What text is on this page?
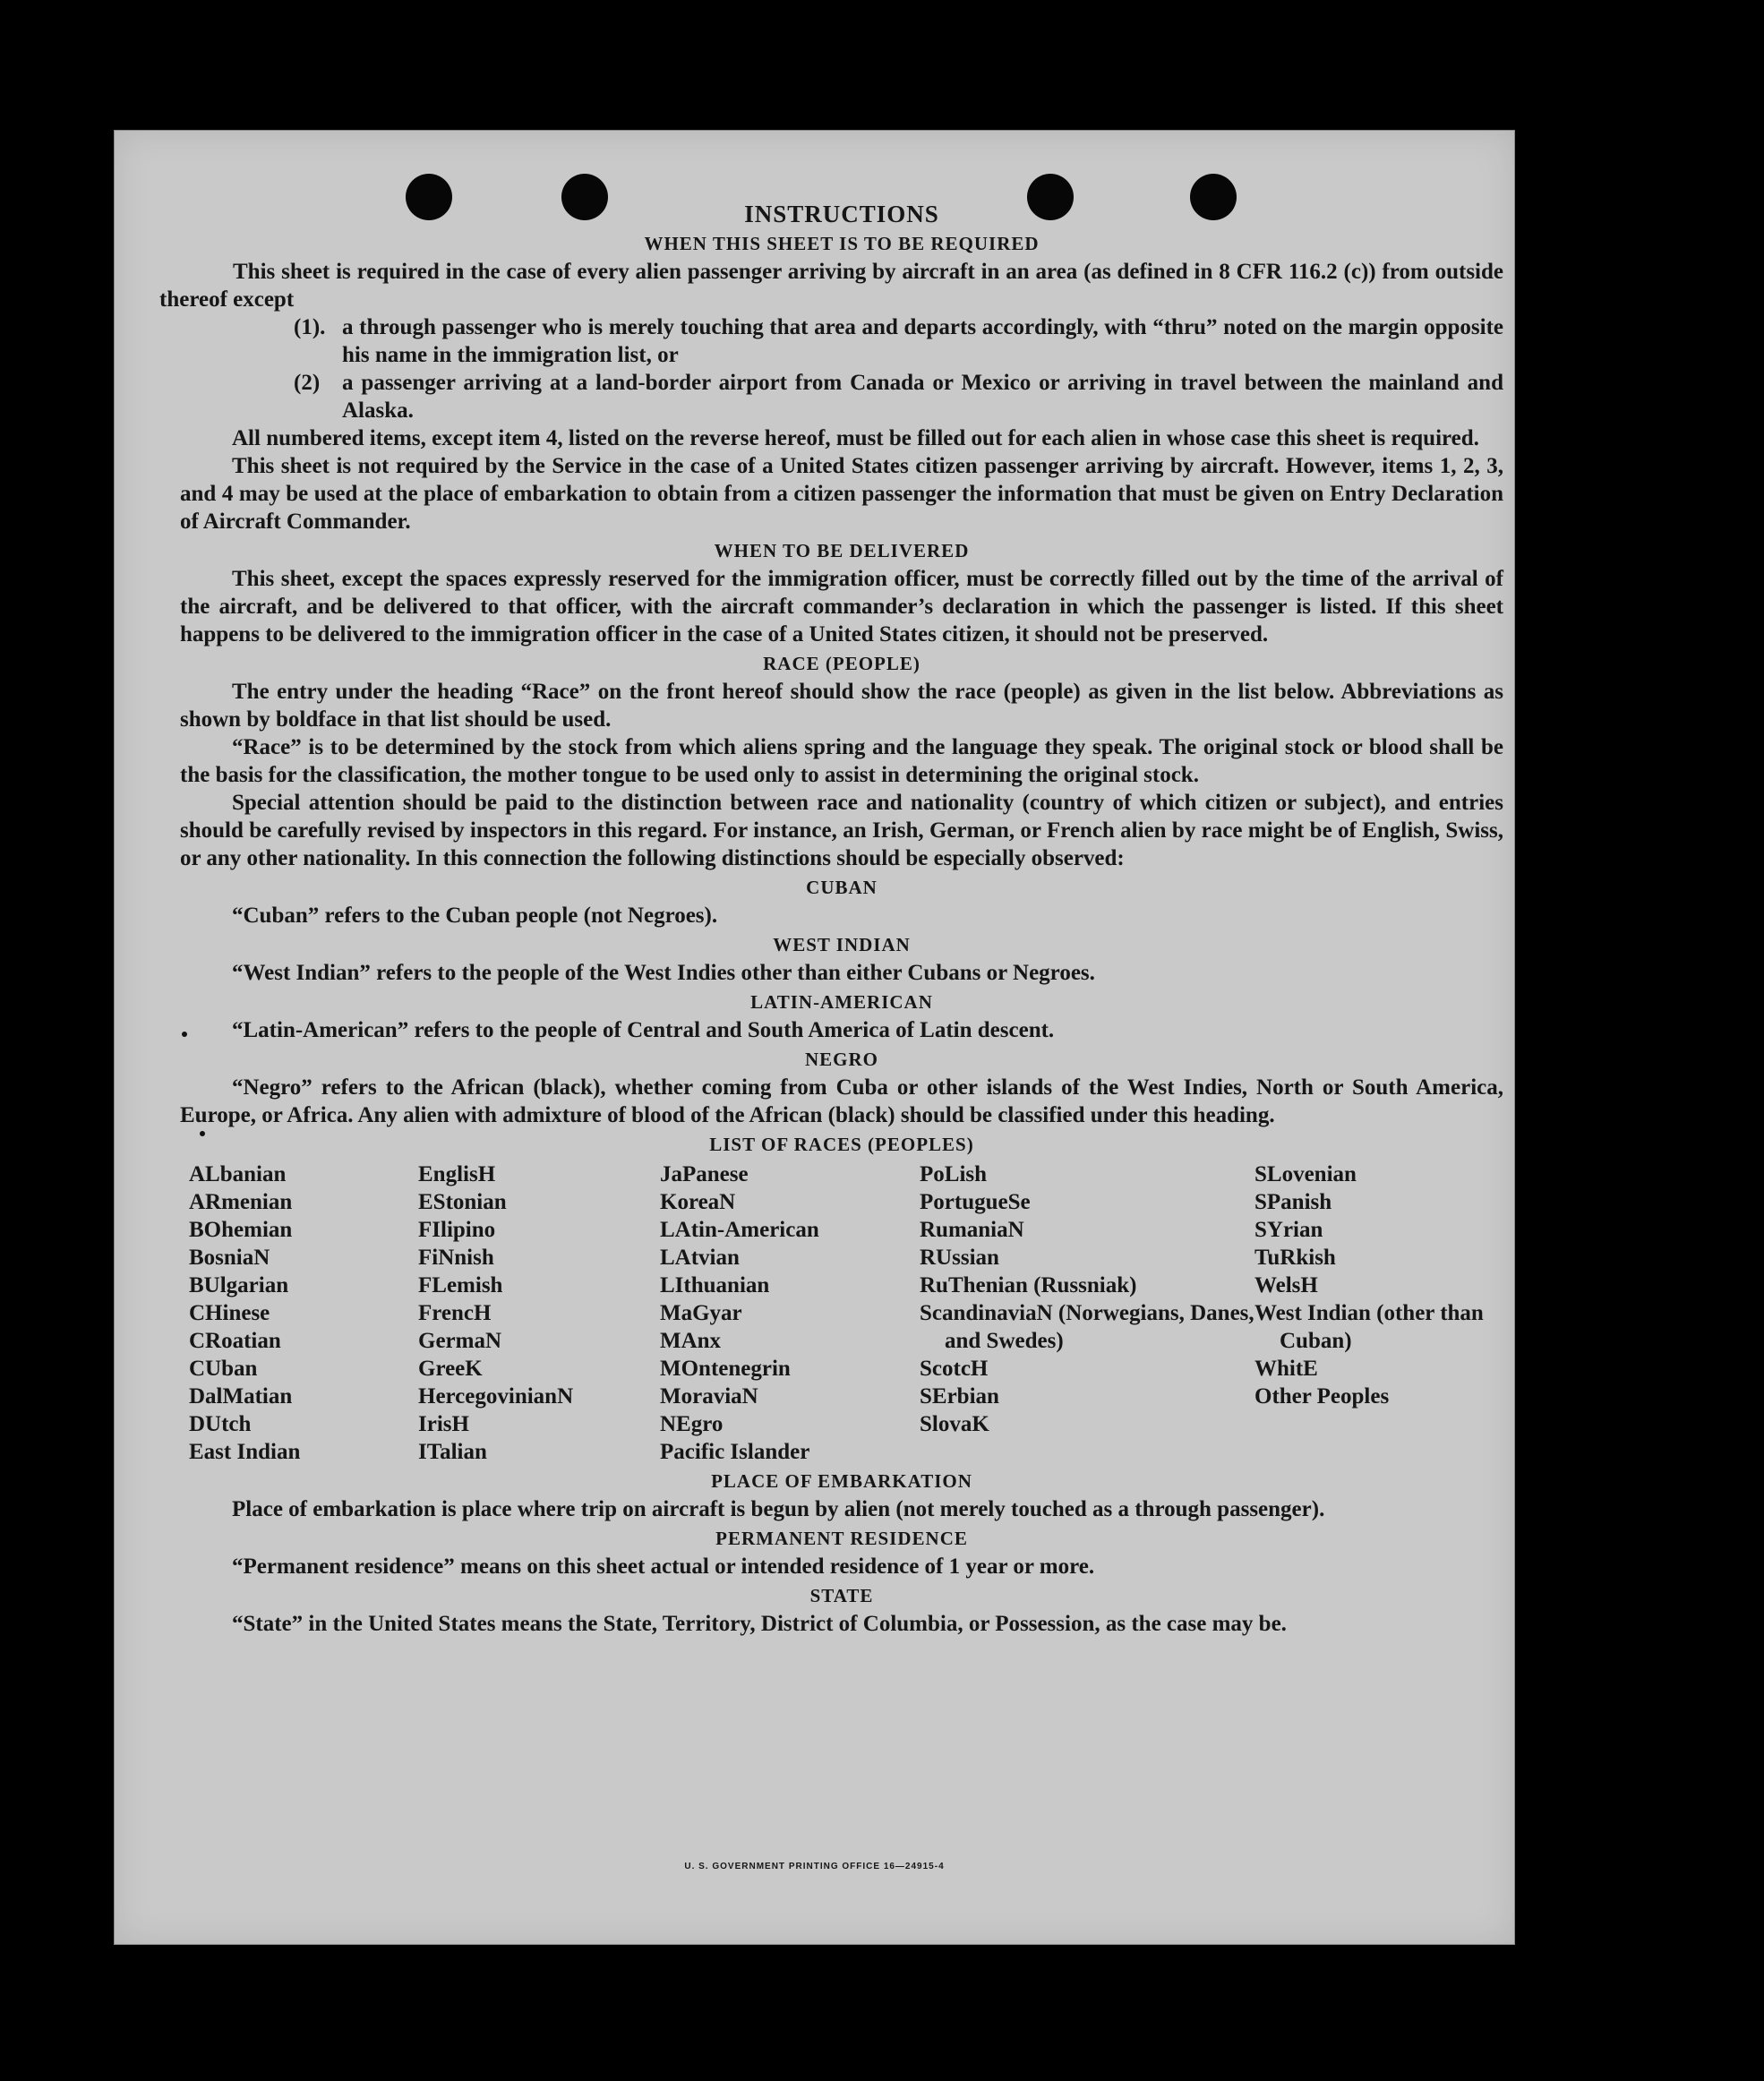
INSTRUCTIONS
WHEN THIS SHEET IS TO BE REQUIRED

This sheet is required in the case of every alien passenger arriving by aircraft in an area (as defined in 8 CFR 116.2 (c)) from outside thereof except

(1). a through passenger who is merely touching that area and departs accordingly, with “thru” noted on the margin opposite his name in the immigration list, or
(2) a passenger arriving at a land-border airport from Canada or Mexico or arriving in travel between the mainland and Alaska.

All numbered items, except item 4, listed on the reverse hereof, must be filled out for each alien in whose case this sheet is required.

This sheet is not required by the Service in the case of a United States citizen passenger arriving by aircraft. However, items 1, 2, 3, and 4 may be used at the place of embarkation to obtain from a citizen passenger the information that must be given on Entry Declaration of Aircraft Commander.

WHEN TO BE DELIVERED

This sheet, except the spaces expressly reserved for the immigration officer, must be correctly filled out by the time of the arrival of the aircraft, and be delivered to that officer, with the aircraft commander’s declaration in which the passenger is listed. If this sheet happens to be delivered to the immigration officer in the case of a United States citizen, it should not be preserved.

RACE (PEOPLE)

The entry under the heading “Race” on the front hereof should show the race (people) as given in the list below. Abbreviations as shown by boldface in that list should be used.

“Race” is to be determined by the stock from which aliens spring and the language they speak. The original stock or blood shall be the basis for the classification, the mother tongue to be used only to assist in determining the original stock.

Special attention should be paid to the distinction between race and nationality (country of which citizen or subject), and entries should be carefully revised by inspectors in this regard. For instance, an Irish, German, or French alien by race might be of English, Swiss, or any other nationality. In this connection the following distinctions should be especially observed:

CUBAN

“Cuban” refers to the Cuban people (not Negroes).

WEST INDIAN

“West Indian” refers to the people of the West Indies other than either Cubans or Negroes.

LATIN-AMERICAN

“Latin-American” refers to the people of Central and South America of Latin descent.

NEGRO

“Negro” refers to the African (black), whether coming from Cuba or other islands of the West Indies, North or South America, Europe, or Africa. Any alien with admixture of blood of the African (black) should be classified under this heading.

LIST OF RACES (PEOPLES)
ALbanian
ARmenian
BOhemian
BosniaN
BUlgarian
CHinese
CRoatian
CUban
DalMatian
DUtch
East Indian
EnglisH
EStonian
FIlipino
FiNnish
FLemish
FrencH
GermaN
GreeK
HercegovinianN
IrisH
ITalian
JaPanese
KoreaN
LAtin-American
LAtvian
LIthuanian
MaGyar
MAnx
MOntenegrin
MoraviaN
NEgro
Pacific Islander
PoLish
PortugueSe
RumaniaN
RUssian
RuThenian (Russniak)
ScandinaviaN (Norwegians, Danes, and Swedes)
ScotcH
SErbian
SlovaK
SLovenian
SPanish
SYrian
TuRkish
WelsH
West Indian (other than Cuban)
WhitE
Other Peoples
PLACE OF EMBARKATION

Place of embarkation is place where trip on aircraft is begun by alien (not merely touched as a through passenger).

PERMANENT RESIDENCE

“Permanent residence” means on this sheet actual or intended residence of 1 year or more.

STATE

“State” in the United States means the State, Territory, District of Columbia, or Possession, as the case may be.

U. S. GOVERNMENT PRINTING OFFICE 16—24915-4
